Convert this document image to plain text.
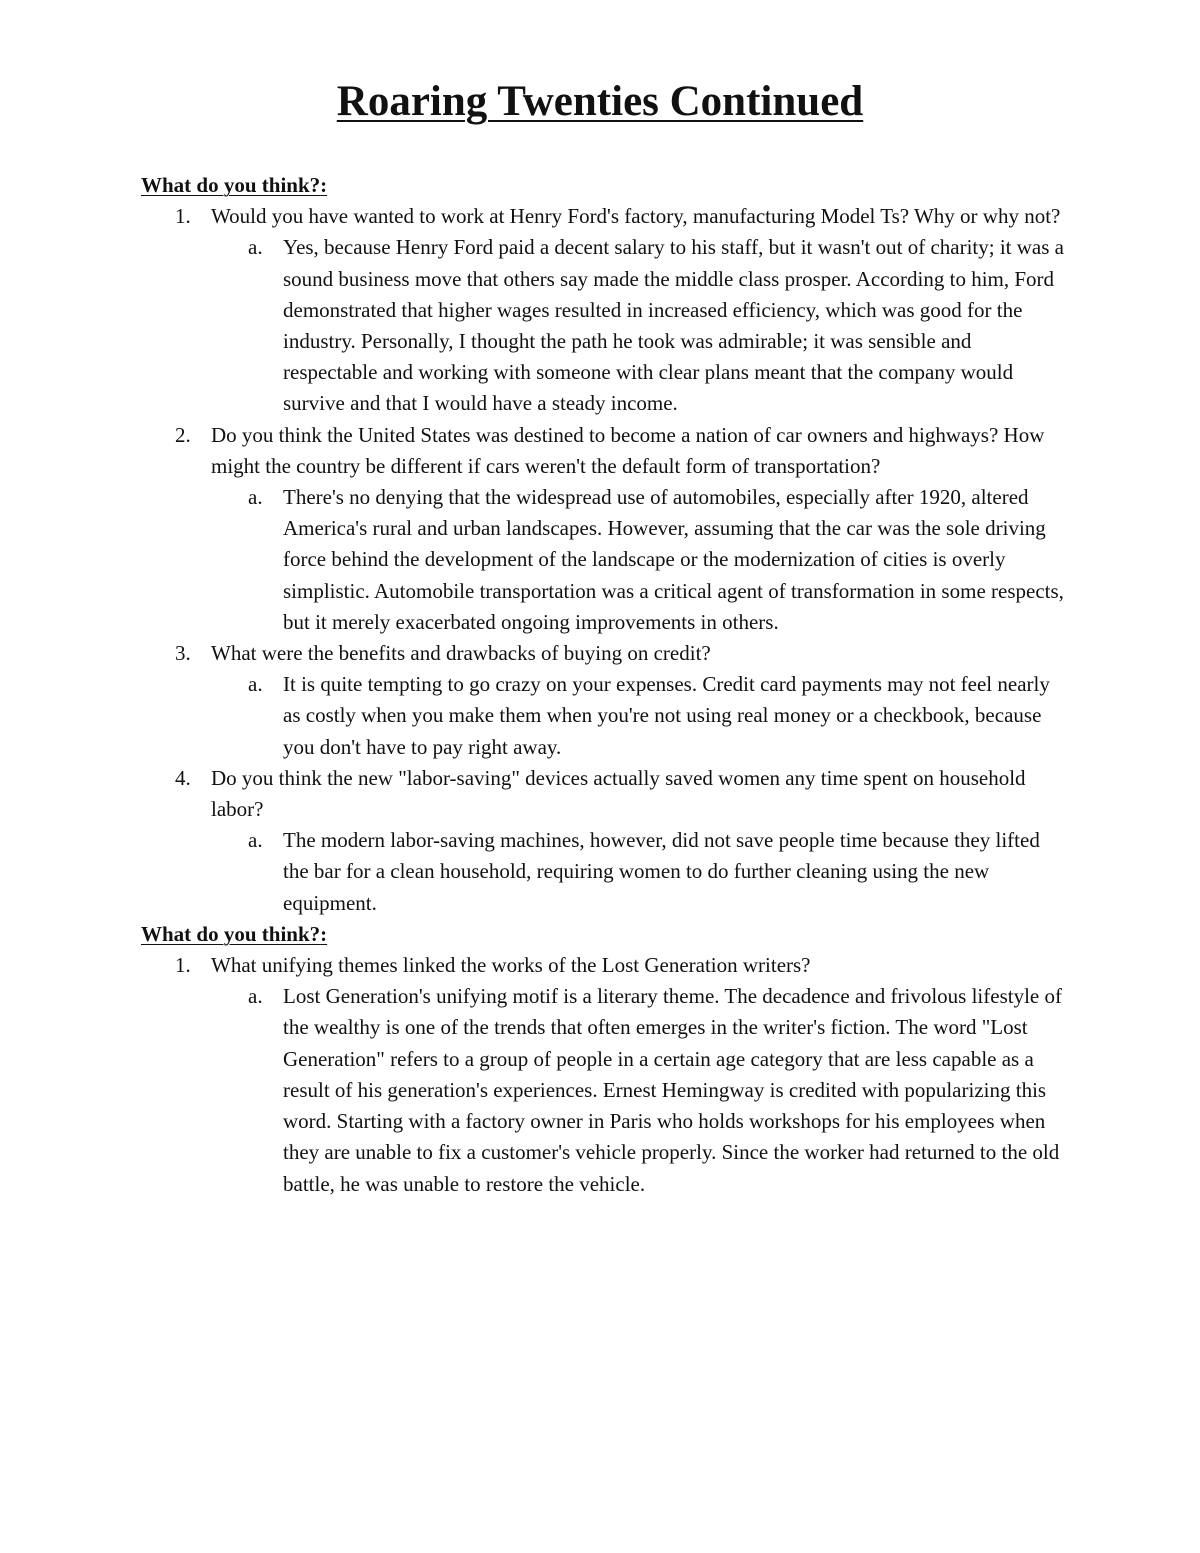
Roaring Twenties Continued

What do you think?:

1. Would you have wanted to work at Henry Ford's factory, manufacturing Model Ts? Why or why not?
a. Yes, because Henry Ford paid a decent salary to his staff, but it wasn't out of charity; it was a sound business move that others say made the middle class prosper. According to him, Ford demonstrated that higher wages resulted in increased efficiency, which was good for the industry. Personally, I thought the path he took was admirable; it was sensible and respectable and working with someone with clear plans meant that the company would survive and that I would have a steady income.
2. Do you think the United States was destined to become a nation of car owners and highways? How might the country be different if cars weren't the default form of transportation?
a. There's no denying that the widespread use of automobiles, especially after 1920, altered America's rural and urban landscapes. However, assuming that the car was the sole driving force behind the development of the landscape or the modernization of cities is overly simplistic. Automobile transportation was a critical agent of transformation in some respects, but it merely exacerbated ongoing improvements in others.
3. What were the benefits and drawbacks of buying on credit?
a. It is quite tempting to go crazy on your expenses. Credit card payments may not feel nearly as costly when you make them when you're not using real money or a checkbook, because you don't have to pay right away.
4. Do you think the new "labor-saving" devices actually saved women any time spent on household labor?
a. The modern labor-saving machines, however, did not save people time because they lifted the bar for a clean household, requiring women to do further cleaning using the new equipment.

What do you think?:

1. What unifying themes linked the works of the Lost Generation writers?
a. Lost Generation's unifying motif is a literary theme. The decadence and frivolous lifestyle of the wealthy is one of the trends that often emerges in the writer's fiction. The word "Lost Generation" refers to a group of people in a certain age category that are less capable as a result of his generation's experiences. Ernest Hemingway is credited with popularizing this word. Starting with a factory owner in Paris who holds workshops for his employees when they are unable to fix a customer's vehicle properly. Since the worker had returned to the old battle, he was unable to restore the vehicle.
